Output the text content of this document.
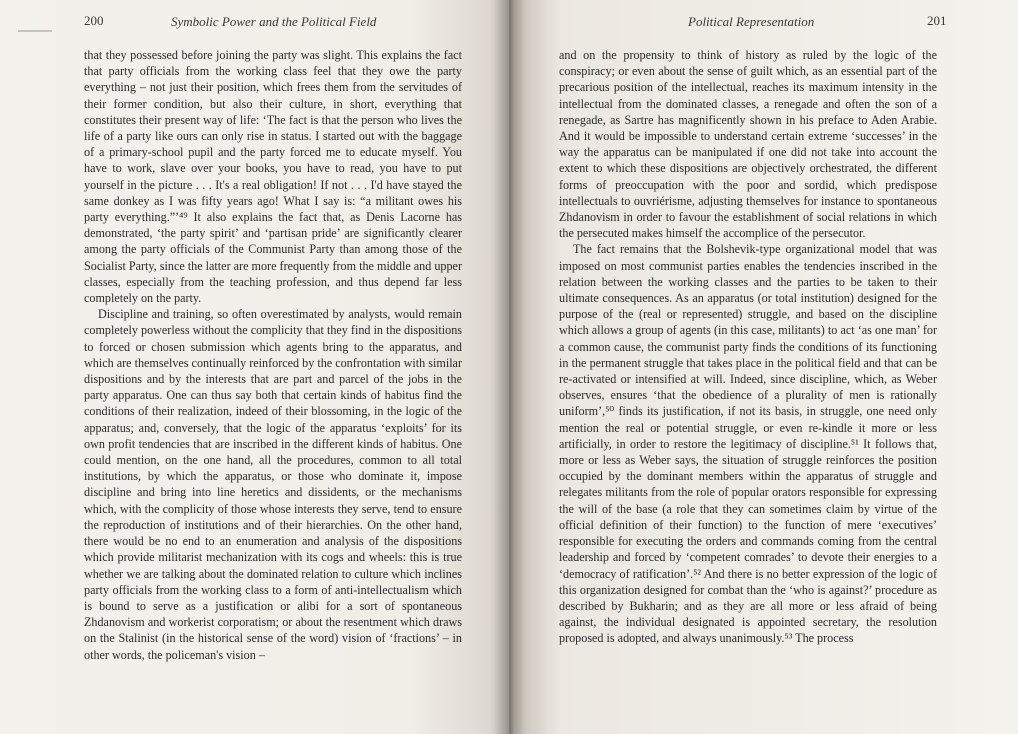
200	Symbolic Power and the Political Field

that they possessed before joining the party was slight. This explains the fact that party officials from the working class feel that they owe the party everything – not just their position, which frees them from the servitudes of their former condition, but also their culture, in short, everything that constitutes their present way of life: ‘The fact is that the person who lives the life of a party like ours can only rise in status. I started out with the baggage of a primary-school pupil and the party forced me to educate myself. You have to work, slave over your books, you have to read, you have to put yourself in the picture . . . It's a real obligation! If not . . . I'd have stayed the same donkey as I was fifty years ago! What I say is: “a militant owes his party everything.”’⁴⁹ It also explains the fact that, as Denis Lacorne has demonstrated, ‘the party spirit’ and ‘partisan pride’ are significantly clearer among the party officials of the Communist Party than among those of the Socialist Party, since the latter are more frequently from the middle and upper classes, especially from the teaching profession, and thus depend far less completely on the party.

Discipline and training, so often overestimated by analysts, would remain completely powerless without the complicity that they find in the dispositions to forced or chosen submission which agents bring to the apparatus, and which are themselves continually reinforced by the confrontation with similar dispositions and by the interests that are part and parcel of the jobs in the party apparatus. One can thus say both that certain kinds of habitus find the conditions of their realization, indeed of their blossoming, in the logic of the apparatus; and, conversely, that the logic of the apparatus ‘exploits’ for its own profit tendencies that are inscribed in the different kinds of habitus. One could mention, on the one hand, all the procedures, common to all total institutions, by which the apparatus, or those who dominate it, impose discipline and bring into line heretics and dissidents, or the mechanisms which, with the complicity of those whose interests they serve, tend to ensure the reproduction of institutions and of their hierarchies. On the other hand, there would be no end to an enumeration and analysis of the dispositions which provide militarist mechanization with its cogs and wheels: this is true whether we are talking about the dominated relation to culture which inclines party officials from the working class to a form of anti-intellectualism which is bound to serve as a justification or alibi for a sort of spontaneous Zhdanovism and workerist corporatism; or about the resentment which draws on the Stalinist (in the historical sense of the word) vision of ‘fractions’ – in other words, the policeman's vision –

Political Representation	201

and on the propensity to think of history as ruled by the logic of the conspiracy; or even about the sense of guilt which, as an essential part of the precarious position of the intellectual, reaches its maximum intensity in the intellectual from the dominated classes, a renegade and often the son of a renegade, as Sartre has magnificently shown in his preface to Aden Arabie. And it would be impossible to understand certain extreme ‘successes’ in the way the apparatus can be manipulated if one did not take into account the extent to which these dispositions are objectively orchestrated, the different forms of preoccupation with the poor and sordid, which predispose intellectuals to ouvriérisme, adjusting themselves for instance to spontaneous Zhdanovism in order to favour the establishment of social relations in which the persecuted makes himself the accomplice of the persecutor.

The fact remains that the Bolshevik-type organizational model that was imposed on most communist parties enables the tendencies inscribed in the relation between the working classes and the parties to be taken to their ultimate consequences. As an apparatus (or total institution) designed for the purpose of the (real or represented) struggle, and based on the discipline which allows a group of agents (in this case, militants) to act ‘as one man’ for a common cause, the communist party finds the conditions of its functioning in the permanent struggle that takes place in the political field and that can be re-activated or intensified at will. Indeed, since discipline, which, as Weber observes, ensures ‘that the obedience of a plurality of men is rationally uniform’,⁵⁰ finds its justification, if not its basis, in struggle, one need only mention the real or potential struggle, or even re-kindle it more or less artificially, in order to restore the legitimacy of discipline.⁵¹ It follows that, more or less as Weber says, the situation of struggle reinforces the position occupied by the dominant members within the apparatus of struggle and relegates militants from the role of popular orators responsible for expressing the will of the base (a role that they can sometimes claim by virtue of the official definition of their function) to the function of mere ‘executives’ responsible for executing the orders and commands coming from the central leadership and forced by ‘competent comrades’ to devote their energies to a ‘democracy of ratification’.⁵² And there is no better expression of the logic of this organization designed for combat than the ‘who is against?’ procedure as described by Bukharin; and as they are all more or less afraid of being against, the individual designated is appointed secretary, the resolution proposed is adopted, and always unanimously.⁵³ The process
